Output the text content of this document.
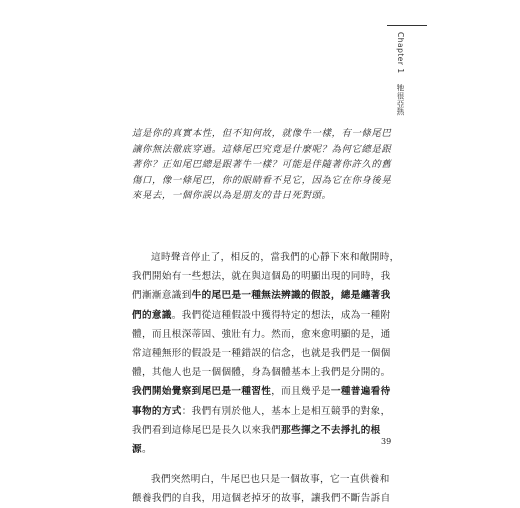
Chapter 1牠很亞熱
這是你的真實本性，但不知何故，就像牛一樣，有一條尾巴
讓你無法徹底穿過。這條尾巴究竟是什麼呢？為何它總是跟
著你？正如尾巴總是跟著牛一樣？可能是伴隨著你許久的舊
傷口，像一條尾巴，你的眼睛看不見它，因為它在你身後晃
來晃去，一個你誤以為是朋友的昔日死對頭。
這時聲音停止了，相反的，當我們的心靜下來和敞開時，
我們開始有一些想法，就在與這個島的明顯出現的同時，我
們漸漸意識到牛的尾巴是一種無法辨識的假設，總是纏著我
們的意識。我們從這種假設中獲得特定的想法，成為一種附
體，而且根深蒂固、強壯有力。然而，愈來愈明顯的是，通
常這種無形的假設是一種錯誤的信念，也就是我們是一個個
體，其他人也是一個個體，身為個體基本上我們是分開的。
我們開始覺察到尾巴是一種習性，而且幾乎是一種普遍看待
事物的方式：我們有別於他人，基本上是相互競爭的對象，
我們看到這條尾巴是長久以來我們那些揮之不去掙扎的根
源。
我們突然明白，牛尾巴也只是一個故事，它一直供養和
餵養我們的自我，用這個老掉牙的故事，讓我們不斷告訴自
39
